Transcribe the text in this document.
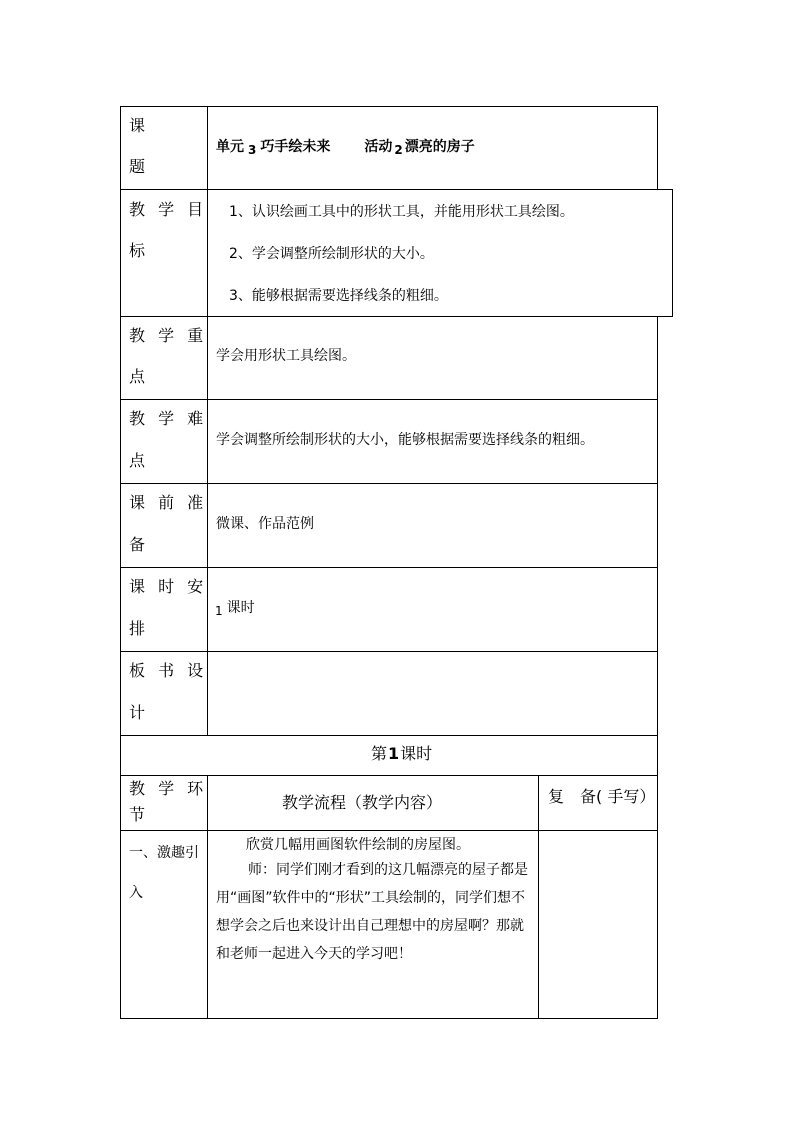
课
题
单元 3 巧手绘未来 活动 2 漂亮的房子
教 学 目
标
1、认识绘画工具中的形状工具，并能用形状工具绘图。
2、学会调整所绘制形状的大小。
3、能够根据需要选择线条的粗细。
教 学 重
点
学会用形状工具绘图。
教 学 难
点
学会调整所绘制形状的大小，能够根据需要选择线条的粗细。
课 前 准
备
微课、作品范例
课 时 安
排
1 课时
板 书 设
计
第1课时
教 学 环
节
教学流程（教学内容）	复　备( 手写）
一、激趣引
入
欣赏几幅用画图软件绘制的房屋图。
师：同学们刚才看到的这几幅漂亮的屋子都是用“画图”软件中的“形状”工具绘制的，同学们想不想学会之后也来设计出自己理想中的房屋啊？那就和老师一起进入今天的学习吧！
